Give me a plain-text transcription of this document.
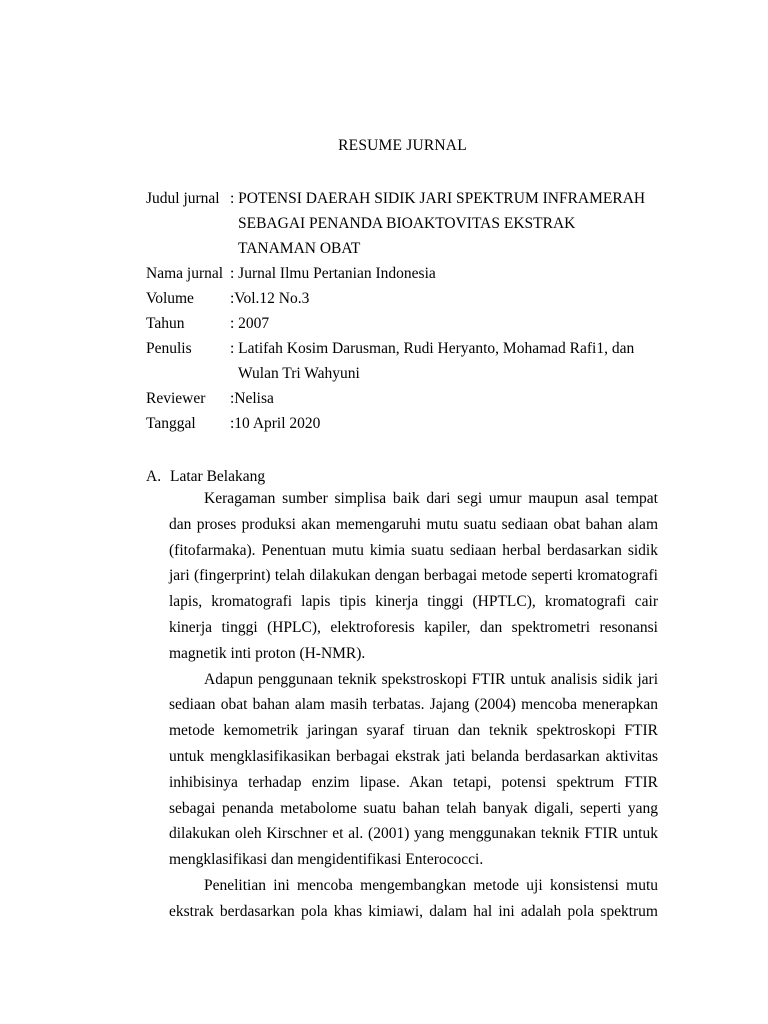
RESUME JURNAL
Judul jurnal : POTENSI DAERAH SIDIK JARI SPEKTRUM INFRAMERAH
SEBAGAI PENANDA BIOAKTOVITAS EKSTRAK
TANAMAN OBAT
Nama jurnal : Jurnal Ilmu Pertanian Indonesia
Volume	:Vol.12 No.3
Tahun	: 2007
Penulis	: Latifah Kosim Darusman, Rudi Heryanto, Mohamad Rafi1, dan
Wulan Tri Wahyuni
Reviewer	:Nelisa
Tanggal	:10 April 2020
A. Latar Belakang

Keragaman sumber simplisa baik dari segi umur maupun asal tempat
dan proses produksi akan memengaruhi mutu suatu sediaan obat bahan alam
(fitofarmaka). Penentuan mutu kimia suatu sediaan herbal berdasarkan sidik
jari (fingerprint) telah dilakukan dengan berbagai metode seperti kromatografi
lapis, kromatografi lapis tipis kinerja tinggi (HPTLC), kromatografi cair
kinerja tinggi (HPLC), elektroforesis kapiler, dan spektrometri resonansi
magnetik inti proton (H-NMR).

Adapun penggunaan teknik spekstroskopi FTIR untuk analisis sidik jari
sediaan obat bahan alam masih terbatas. Jajang (2004) mencoba menerapkan
metode kemometrik jaringan syaraf tiruan dan teknik spektroskopi FTIR
untuk mengklasifikasikan berbagai ekstrak jati belanda berdasarkan aktivitas
inhibisinya terhadap enzim lipase. Akan tetapi, potensi spektrum FTIR
sebagai penanda metabolome suatu bahan telah banyak digali, seperti yang
dilakukan oleh Kirschner et al. (2001) yang menggunakan teknik FTIR untuk
mengklasifikasi dan mengidentifikasi Enterococci.

Penelitian ini mencoba mengembangkan metode uji konsistensi mutu
ekstrak berdasarkan pola khas kimiawi, dalam hal ini adalah pola spektrum
